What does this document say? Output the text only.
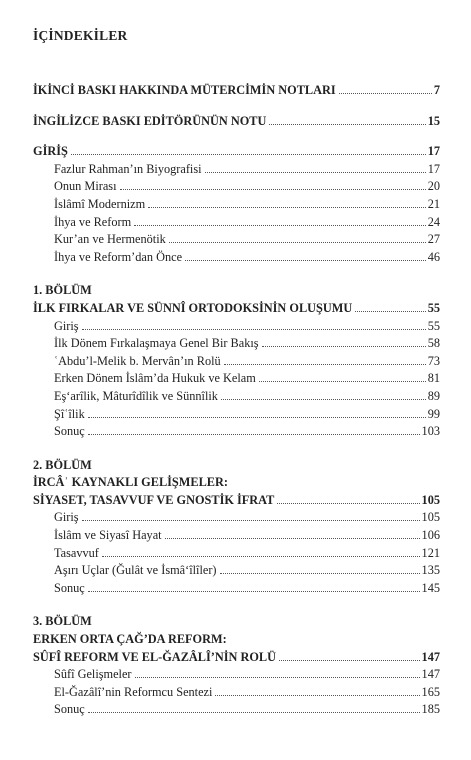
İÇİNDEKİLER
İKİNCİ BASKI HAKKINDA MÜTERCİMİN NOTLARI	7
İNGİLİZCE BASKI EDİTÖRÜNÜN NOTU	15
GİRİŞ	17
Fazlur Rahman’ın Biyografisi	17
Onun Mirası	20
İslâmî Modernizm	21
İhya ve Reform	24
Kur’an ve Hermenötik	27
İhya ve Reform’dan Önce	46
1. BÖLÜM
İLK FIRKALAR VE SÜNNÎ ORTODOKSİNİN OLUŞUMU	55
Giriş	55
İlk Dönem Fırkalaşmaya Genel Bir Bakış	58
ʿAbdu’l-Melik b. Mervân’ın Rolü	73
Erken Dönem İslâm’da Hukuk ve Kelam	81
Eş‘arîlik, Mâturîdîlik ve Sünnîlik	89
Şîʿîlik	99
Sonuç	103
2. BÖLÜM
İRCÂʾ KAYNAKLI GELİŞMELER:
SİYASET, TASAVVUF VE GNOSTİK İFRAT	105
Giriş	105
İslâm ve Siyasî Hayat	106
Tasavvuf	121
Aşırı Uçlar (Ğulât ve İsmâ‘îlîler)	135
Sonuç	145
3. BÖLÜM
ERKEN ORTA ÇAĞ’DA REFORM:
SÛFÎ REFORM VE EL-ĞAZÂLÎ’NİN ROLÜ	147
Sûfî Gelişmeler	147
El-Ğazâlî’nin Reformcu Sentezi	165
Sonuç	185
